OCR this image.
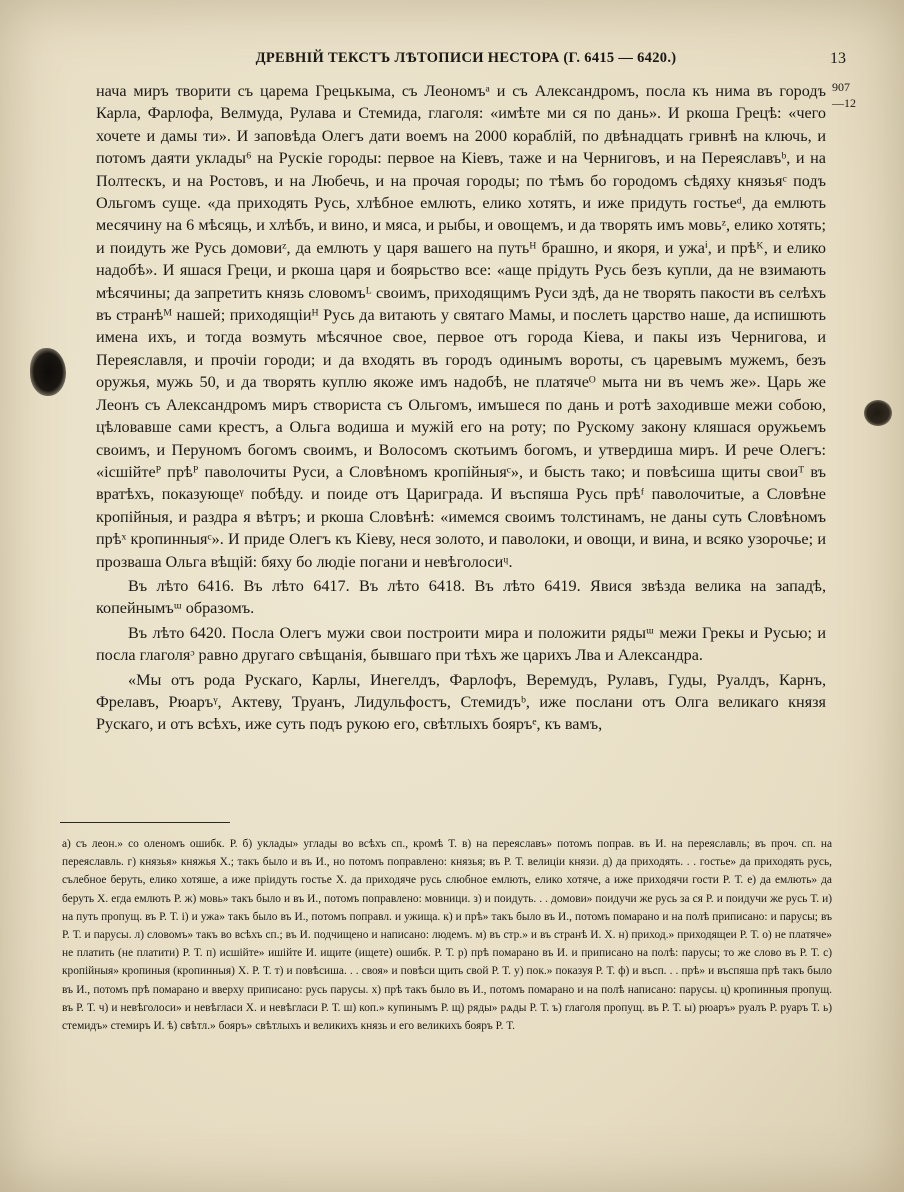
ДРЕВНІЙ ТЕКСТЪ ЛѢТОПИСИ НЕСТОРА (Г. 6415 — 6420.)	13
907
—12

нача миръ творити съ царема Грецькыма, съ Леономъᵃ и съ Александромъ, посла къ нима въ городъ Карла, Фарлофа, Велмуда, Рулава и Стемида, глаголя: «имѣте ми ся по дань». И ркоша Грецѣ: «чего хочете и дамы ти». И заповѣда Олегъ дати воемъ на 2000 кораблій, по двѣнадцать гривнѣ на ключь, и потомъ даяти уклады⁶ на Рускіе городы: первое на Кіевъ, таже и на Черниговъ, и на Переяславъᵇ, и на Полтескъ, и на Ростовъ, и на Любечь, и на прочая городы; по тѣмъ бо городомъ сѣдяху князьяᶜ подъ Ольгомъ суще. «да приходять Русь, хлѣбное емлють, елико хотять, и иже придуть гостьеᵈ, да емлють месячину на 6 мѣсяць, и хлѣбъ, и вино, и мяса, и рыбы, и овощемъ, и да творять имъ мовьᶻ, елико хотять; и поидуть же Русь домовиᶻ, да емлють у царя вашего на путьᴴ брашно, и якоря, и ужаⁱ, и прѣᴷ, и елико надобѣ». И яшася Греци, и ркоша царя и боярьство все: «аще прідуть Русь безъ купли, да не взимають мѣсячины; да запретить князь словомъᴸ своимъ, приходящимъ Руси здѣ, да не творять пакости въ селѣхъ въ странѣᴹ нашей; приходящіиᴴ Русь да витають у святаго Мамы, и послеть царство наше, да испишють имена ихъ, и тогда возмуть мѣсячное свое, первое отъ города Кіева, и пакы изъ Чернигова, и Переяславля, и прочіи городи; и да входять въ городъ одинымъ вороты, съ царевымъ мужемъ, безъ оружья, мужь 50, и да творять куплю якоже имъ надобѣ, не платячеᴼ мыта ни въ чемъ же». Царь же Леонъ съ Александромъ миръ створиста съ Ольгомъ, имъшеся по дань и ротѣ заходивше межи собою, цѣловавше сами крестъ, а Ольга водиша и мужій его на роту; по Рускому закону кляшася оружьемъ своимъ, и Перуномъ богомъ своимъ, и Волосомъ скотьимъ богомъ, и утвердиша миръ. И рече Олегъ: «ісшійтеᴾ прѣᴾ паволочиты Руси, а Словѣномъ кропійныяᶜ», и бысть тако; и повѣсиша щиты своиᵀ въ вратѣхъ, показующеᵞ побѣду. и поиде отъ Цариграда. И въспяша Русь прѣᶠ паволочитые, а Словѣне кропійныя, и раздра я вѣтръ; и ркоша Словѣнѣ: «имемся своимъ толстинамъ, не даны суть Словѣномъ прѣˣ кропинныяᶜ». И приде Олегъ къ Кіеву, неся золото, и паволоки, и овощи, и вина, и всяко узорочье; и прозваша Ольга вѣщій: бяху бо людіе погани и невѣголосиᶣ.

Въ лѣто 6416. Въ лѣто 6417. Въ лѣто 6418. Въ лѣто 6419. Явися звѣзда велика на западѣ, копейнымъᵚ образомъ.

Въ лѣто 6420. Посла Олегъ мужи свои построити мира и положити рядыᵚ межи Грекы и Русью; и посла глаголяᵓ равно другаго свѣщанія, бывшаго при тѣхъ же царихъ Лва и Александра.

«Мы отъ рода Рускаго, Карлы, Инегелдъ, Фарлофъ, Веремудъ, Рулавъ, Гуды, Руалдъ, Карнъ, Фрелавъ, Рюаръᵞ, Актеву, Труанъ, Лидульфостъ, Стемидъᵇ, иже послани отъ Олга великаго князя Рускаго, и отъ всѣхъ, иже суть подъ рукою его, свѣтлыхъ бояръᵉ, къ вамъ,

а) съ леон.» со оленомъ ошибк. Р. б) уклады» углады во всѣхъ сп., кромѣ Т. в) на переяславъ» потомъ поправ. въ И. на переяславль; въ проч. сп. на переяславль. г) князья» княжья Х.; такъ было и въ И., но потомъ поправлено: князья; въ Р. Т. велицiи князи. д) да приходять. . . гостье» да приходять русь, сълебное беруть, елико хотяше, а иже прiидуть гостье Х. да приходяче русь слюбное емлють, елико хотяче, а иже приходячи гости Р. Т. е) да емлють» да беруть Х. егда емлють Р. ж) мовь» такъ было и въ И., потомъ поправлено: мовници. з) и поидуть. . . домови» поидучи же русь за ся Р. и поидучи же русь Т. и) на путь пропущ. въ Р. Т. i) и ужа» такъ было въ И., потомъ поправл. и ужища. к) и прѣ» такъ было въ И., потомъ помарано и на полѣ приписано: и парусы; въ Р. Т. и парусы. л) словомъ» такъ во всѣхъ сп.; въ И. подчищено и написано: людемъ. м) въ стр.» и въ странѣ И. Х. н) приход.» приходящеи Р. Т. о) не платяче» не платить (не платити) Р. Т. п) исшійте» ишійте И. ищите (ищете) ошибк. Р. Т. р) прѣ помарано въ И. и приписано на полѣ: парусы; то же слово въ Р. Т. с) кропійныя» кропиныя (кропинныя) Х. Р. Т. т) и повѣсиша. . . своя» и повѣси щить свой Р. Т. у) пок.» показуя Р. Т. ф) и въсп. . . прѣ» и въспяша прѣ такъ было въ И., потомъ прѣ помарано и вверху приписано: русь парусы. х) прѣ такъ было въ И., потомъ помарано и на полѣ написано: парусы. ц) кропинныя пропущ. въ Р. Т. ч) и невѣголоси» и невѣгласи Х. и невѣгласи Р. Т. ш) коп.» купинымъ Р. щ) ряды» рѧды Р. Т. ъ) глаголя пропущ. въ Р. Т. ы) рюаръ» руалъ Р. руаръ Т. ь) стемидъ» стемиръ И. ѣ) свѣтл.» бояръ» свѣтлыхъ и великихъ князь и его великихъ бояръ Р. Т.
